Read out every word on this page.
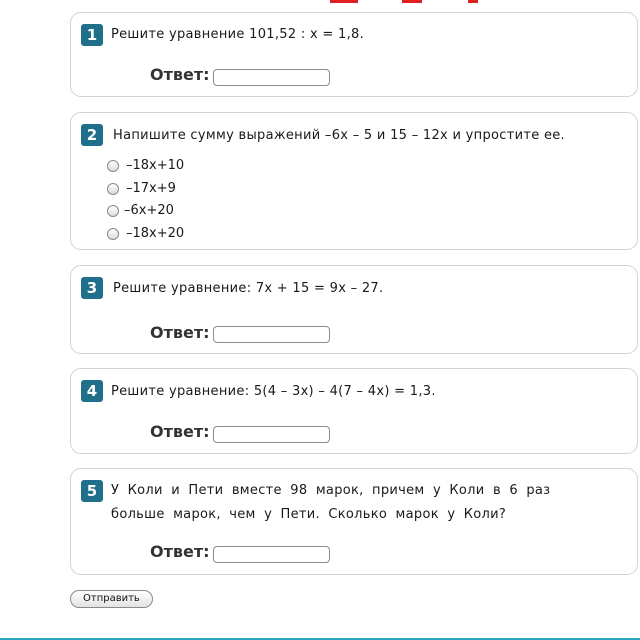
1	Решите уравнение 101,52 : x = 1,8.
Ответ:
2	Напишите сумму выражений –6x – 5 и 15 – 12x и упростите ее.
–18x+10
–17x+9
–6x+20
–18x+20
3	Решите уравнение: 7x + 15 = 9x – 27.
Ответ:
4	Решите уравнение: 5(4 – 3x) – 4(7 – 4x) = 1,3.
Ответ:
5	У Коли и Пети вместе 98 марок, причем у Коли в 6 раз больше марок, чем у Пети. Сколько марок у Коли?
Ответ:
Отправить
